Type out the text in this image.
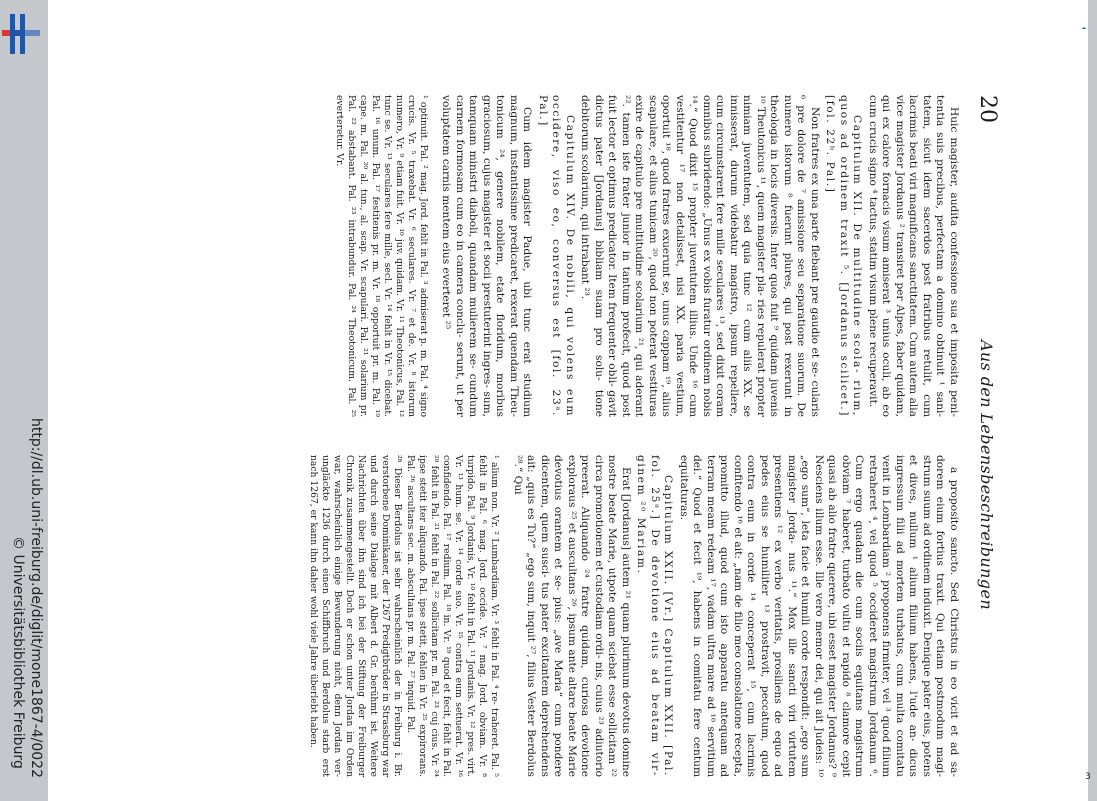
-
3
http://dl.ub.uni-freiburg.de/diglit/mone1867-4/0022
© Universitätsbibliothek Freiburg
20
Aus den Lebensbeschreibungen

Huic magister, audita confessione sua et imposita peni- tentia suis precibus, perfectam a domino obtinuit ¹ sani- tatem, sicut idem sacerdos post fratribus retulit, cum lacrimis beati viri magnificans sanctitatem. Cum autem alia vice magister Jordanus ² transiret per Alpes, faber quidam, qui ex calore fornacis visum amiserat ³ unius oculi, ab eo cum crucis signo ⁴ tactus, statim visum plene recuperavit.

Capitulum XII. De multitudine scola- rium, quos ad ordinem traxit ⁵. [Jordanus scilicet.] [fol. 22ᵇ. Pal.]

Non fratres ex una parte flebant pre gaudio et se- cularis ⁶ pre dolore de ⁷ amissione seu separatione suorum. De numero istorum ⁸ fuerunt plures, qui post rexerunt in theologia in locis diversis. Inter quos fuit ⁹ quidam juvenis ¹⁰ Theutonicus ¹¹, quem magister pla- ries repulerat propter nimiam juventutem, sed quia tunc ¹² cum aliis XX. se innisserat, durum videbatur magistro, ipsum repellere, cum circumstarent fere mille seculares ¹³, sed dixit coram omnibus subridendo: „Unus ex vobis furatur ordinem nobis ¹⁴.“ Quod dixit ¹⁵ propter juventutem illius. Unde ¹⁶ cum vestitentur ¹⁷ non detalisset, nisi XX. paria vestium, oportuit ¹⁸, quod fratres exuerunt se, unus cappam ¹⁹, alius scapulare, et alius tunicam ²⁰, quod non poterat vestituras exire de capitulo pre multitudine scolarium ²¹, qui aderant ²². tamen iste frater junior in tantum profecit, quod post fuit lector et optimus predicator. Item frequenter obli- gavit dictus pater [Jordanus] bibliam suam pro solu- tione debitorum scolarium, qui intrabant ²³.

Capitulum XIV. De nobili, qui volens eum occidere, viso eo, conversus est [fol. 23ᵃ. Pal.]

Cum idem magister Padue, ubi tunc erat studium magnum, instantissime predicaret, rexerat quendam Theu- tonicum ²⁴, genere nobilem, etate floridum, moribus graciosum, cujus magister et socii prestuterint ingres- sum, tamquam ministri diaboli, quandam mulierem se- cundum carnem formosam cum eo in camera conclu- serunt, ut per voluptatem carnis mentem eius everteret ²⁵

¹ optinuit. Pal. ² mag. Jord. fehlt in Pal. ³ admiserat p. m. Pal. ⁴ signo crucis. Vr. ⁵ traxebat. Vr. ⁶ seculares. Vr. ⁷ et de. Vr. ⁸ istorum numero, Vr. ⁹ etiam fuit. Vr. ¹⁰ juv. quidam. Vr. ¹¹ Theotonicus, Pal. ¹² tunc se. Vr. ¹³ seculares fere mille, secl. Vr. ¹⁴ fehlt in Vr. ¹⁵ dicebat. Pal. ¹⁶ unum. Pal. ¹⁷ festitenis pr. m. Vr. ¹⁸ opportuit pr. m. Pal. ¹⁹ cape. m. Pal. ²⁰ al. tun., al. scap. Vr. scapulari. Pal. ²¹ solarium pr. Pal. ²² abstabant. Pal. ²³ intrabundur. Pal. ²⁴ Theotonicum. Pal. ²⁵ everteretur. Vr.

a proposito sancto. Sed Christus in eo vicit et ad sa- dorem eium fortius traxit. Qui etiam postmodum magi- strum suum ad ordinem induxit. Denique pater eius, potens et dives, nullum ¹ alium filium habens, l'ude an- dicus ingressum filii ad mortem turbatus, cum multa comitatu venit in Lombardiam ² proponens firmiter, vel ³ quod filium retraheret ⁴, vel quod ⁵ occideret magistrum Jordanum ⁶. Cum ergo quadam die cum sociis equitans magistrum obviam ⁷ haberet, turbato vultu et rapido ⁸ clamore cepit quasi ab alio fratre querere, ubi esset magister Jordanus? ⁹ Nesciens illum esse. Ille vero memor dei, qui ait Judeis: ¹⁰ „ego sum“, leta facie et humili corde respondit: „ego sum magister Jorda- nus ¹¹.“ Mox ille sancti viri virtutem presentiens ¹² ex verbo veritatis, prosiliens de equo ad pedes eius se humiliter ¹³ prostravit, peccatum, quod contra eum in corde ¹⁴ conceperat ¹⁵, cum lacrimis confitendo ¹⁶ et ait: „nam de filio meo consolatione recepta, promitto illud, quod cum isto apparatu antequam ad terram meam redeam ¹⁷, vadam ultra mare ad ¹⁸ servitium dei.“ Quod et fecit ¹⁹, habens in comitatu fere centum equitaturas.

Capitulum XXII. [Vr.] Capitulum XXII. [Pal. fol. 25ᵃ.] De devotione eius ad beatam vir- ginem ²⁰ Mariam.

Erat [Jordanus] autem ²¹ quam plurimum devotus domine nostre beate Marie, utpote quam sciebat esse sollicitam ²² circa promotionem et custodiam ordi- nis, cuius ²³ adiutorio preerat. Aliquando ²⁴ fratre quidam, curiosa devotione exploraus ²⁵ et auscultans ²⁶, ipsum ante altare beate Marie devotius orantem et se- pius: „ave Maria“ cum pondere dicentem, quem susci- tus pater excitantem deprehendens ait: „quis es Tu?“ „ego sum, inquit ²⁷, filius Vester Berdolus ²⁸.“ Qui

¹ alium non. Vr. ² Lumbardiam. Vr. ³ fehlt in Pal. ⁴ re- traheret. Pal. ⁵ fehlt in Pal. ⁶ mag. Jord. occide. Vr. ⁷ mag. Jord. obviam. Vr. ⁸ turpido. Pal. ⁹ Jordanis, Vr. ¹⁰ fehlt in Pal. ¹¹ Jordanis. Vr. ¹² pres. virt. Vr. ¹³ hum. se. Vr. ¹⁴ corde suo. Vr. ¹⁵ contra eum settuerat. Vr. ¹⁶ confidendo. Pal. ¹⁷ redium. Pal. ¹⁸ in. Vr. ¹⁹ quod et fecit, fehlt in Pal. ²⁰ fehlt in Pal. ²¹ fehlt in Pal. ²² sollicitam pr. m. Pal. ²³ cuj cius. Vr. ²⁴ ipse stetit iter aliquando. Pal. ipse stetit, fehlen in Vr. ²⁵ expirorans. Pal. ²⁶ ascultans sec. m. abscultans pr. m. Pal. ²⁷ inquid. Pal.

²⁸ Dieser Berdolus ist sehr wahrscheinlich der in Freiburg i. Br. verstorbene Dominikaner, der 1267 Predigtbrüder in Strassburg war und durch seine Dialoge mit Albert d. Gr. berühmt ist. Weitere Nachrichten über ihn sind ich bei der Stiftung der Freiburger Chronik zusammengestellt. Doch er schon unter Jordan im Orden war, wahrscheinlich einige Bewunderung nicht, denn Jordan ver- ungläckte 1236 durch einen Schiffbruch und Berdolus starb erst nach 1267, er kann ihn daher wohl viele Jahre überlebt haben.
